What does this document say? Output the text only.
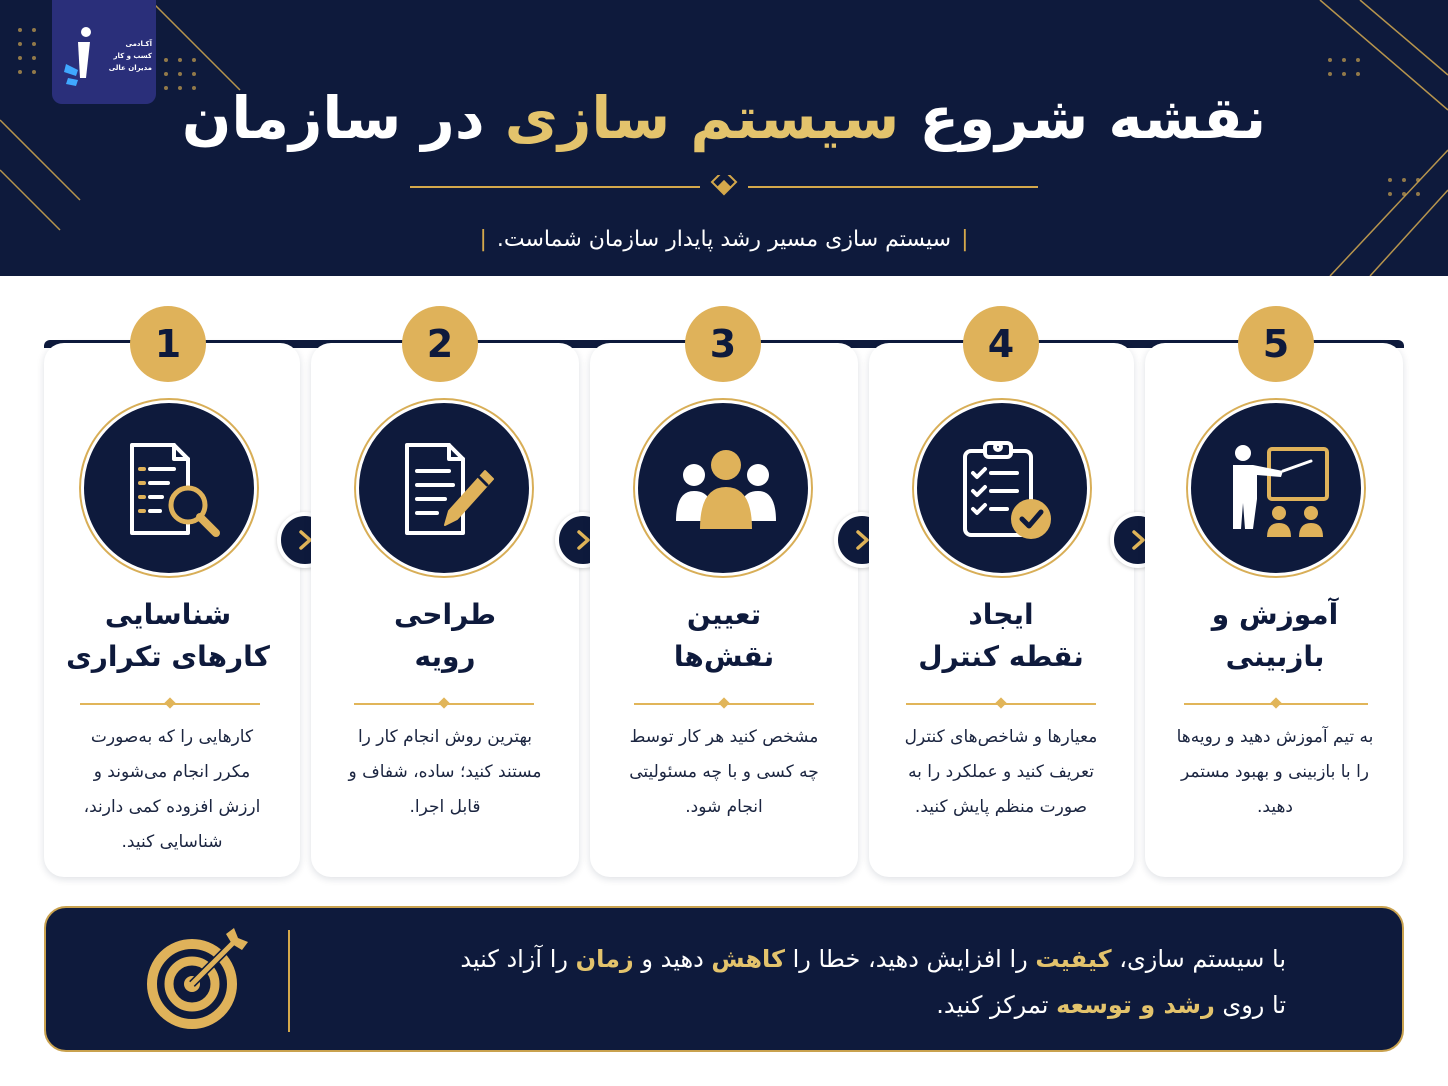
آکـادمی
کسب و کار
مدیران عالی
نقشه شروع سیستم سازی در سازمان
|سیستم سازی مسیر رشد پایدار سازمان شماست.|
1
شناسایی
کارهای تکراری
کارهایی را که به‌صورت مکرر انجام می‌شوند و ارزش افزوده کمی دارند، شناسایی کنید.
2
طراحی
رویه
بهترین روش انجام کار را مستند کنید؛ ساده، شفاف و قابل اجرا.
3
تعیین
نقش‌ها
مشخص کنید هر کار توسط چه کسی و با چه مسئولیتی انجام شود.
4
ایجاد
نقطه کنترل
معیارها و شاخص‌های کنترل تعریف کنید و عملکرد را به صورت منظم پایش کنید.
5
آموزش و
بازبینی
به تیم آموزش دهید و رویه‌ها را با بازبینی و بهبود مستمر دهید.
با سیستم سازی، کیفیت را افزایش دهید، خطا را کاهش دهید و زمان را آزاد کنید
تا روی رشد و توسعه تمرکز کنید.
